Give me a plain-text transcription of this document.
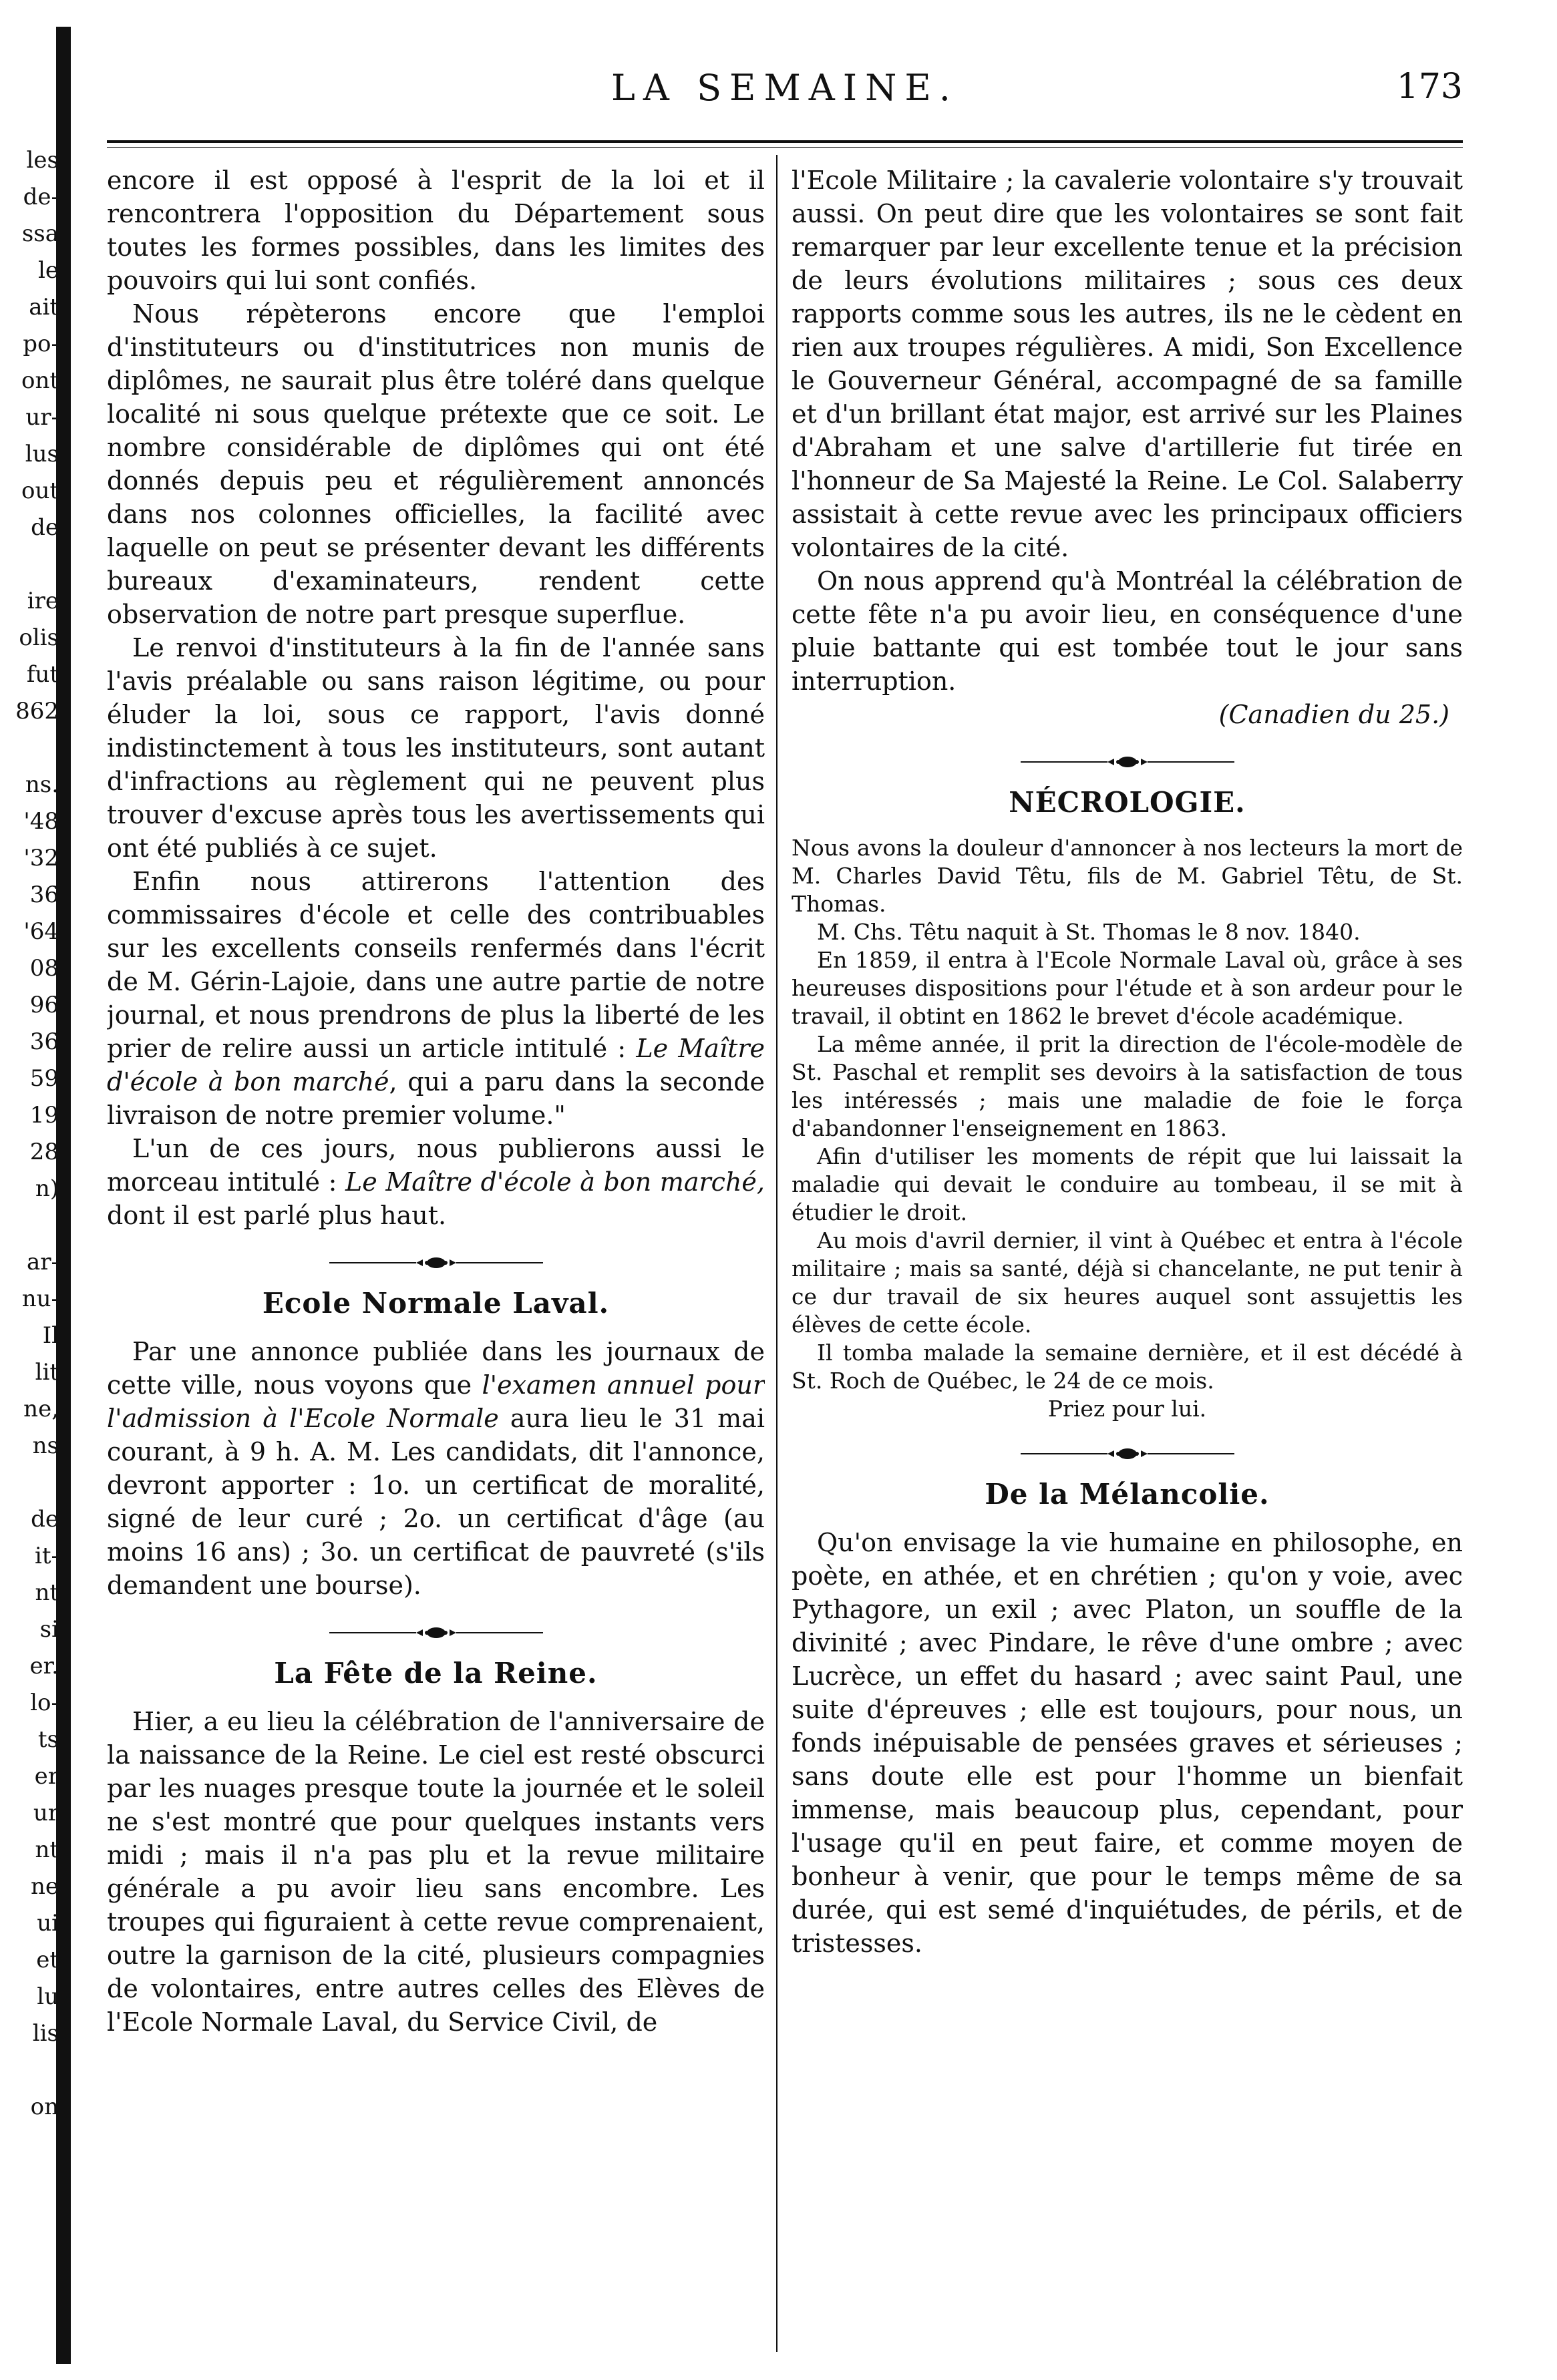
les
de-
ssa
le
ait
po-
ont
ur-
lus
out
de
ire
olis
fut
862
ns.
'48
'32
36
'64
08
96
36
59
19
28
n)
ar-
nu-
Il
lit
ne,
ns
de
it-
nt
si
er.
lo-
ts
er
ur
nt
ne
ui
et
lu
lis
on
LA SEMAINE.	173

encore il est opposé à l'esprit de la loi et il rencontrera l'opposition du Département sous toutes les formes possibles, dans les limites des pouvoirs qui lui sont confiés.

Nous répèterons encore que l'emploi d'instituteurs ou d'institutrices non munis de diplômes, ne saurait plus être toléré dans quelque localité ni sous quelque prétexte que ce soit. Le nombre considérable de diplômes qui ont été donnés depuis peu et régulièrement annoncés dans nos colonnes officielles, la facilité avec laquelle on peut se présenter devant les différents bureaux d'examinateurs, rendent cette observation de notre part presque superflue.

Le renvoi d'instituteurs à la fin de l'année sans l'avis préalable ou sans raison légitime, ou pour éluder la loi, sous ce rapport, l'avis donné indistinctement à tous les instituteurs, sont autant d'infractions au règlement qui ne peuvent plus trouver d'excuse après tous les avertissements qui ont été publiés à ce sujet.

Enfin nous attirerons l'attention des commissaires d'école et celle des contribuables sur les excellents conseils renfermés dans l'écrit de M. Gérin-Lajoie, dans une autre partie de notre journal, et nous prendrons de plus la liberté de les prier de relire aussi un article intitulé : Le Maître d'école à bon marché, qui a paru dans la seconde livraison de notre premier volume."

L'un de ces jours, nous publierons aussi le morceau intitulé : Le Maître d'école à bon marché, dont il est parlé plus haut.

Ecole Normale Laval.

Par une annonce publiée dans les journaux de cette ville, nous voyons que l'examen annuel pour l'admission à l'Ecole Normale aura lieu le 31 mai courant, à 9 h. A. M. Les candidats, dit l'annonce, devront apporter : 1o. un certificat de moralité, signé de leur curé ; 2o. un certificat d'âge (au moins 16 ans) ; 3o. un certificat de pauvreté (s'ils demandent une bourse).

La Fête de la Reine.

Hier, a eu lieu la célébration de l'anniversaire de la naissance de la Reine. Le ciel est resté obscurci par les nuages presque toute la journée et le soleil ne s'est montré que pour quelques instants vers midi ; mais il n'a pas plu et la revue militaire générale a pu avoir lieu sans encombre. Les troupes qui figuraient à cette revue comprenaient, outre la garnison de la cité, plusieurs compagnies de volontaires, entre autres celles des Elèves de l'Ecole Normale Laval, du Service Civil, de

l'Ecole Militaire ; la cavalerie volontaire s'y trouvait aussi. On peut dire que les volontaires se sont fait remarquer par leur excellente tenue et la précision de leurs évolutions militaires ; sous ces deux rapports comme sous les autres, ils ne le cèdent en rien aux troupes régulières. A midi, Son Excellence le Gouverneur Général, accompagné de sa famille et d'un brillant état major, est arrivé sur les Plaines d'Abraham et une salve d'artillerie fut tirée en l'honneur de Sa Majesté la Reine. Le Col. Salaberry assistait à cette revue avec les principaux officiers volontaires de la cité.

On nous apprend qu'à Montréal la célébration de cette fête n'a pu avoir lieu, en conséquence d'une pluie battante qui est tombée tout le jour sans interruption.

(Canadien du 25.)

NÉCROLOGIE.

Nous avons la douleur d'annoncer à nos lecteurs la mort de M. Charles David Têtu, fils de M. Gabriel Têtu, de St. Thomas.

M. Chs. Têtu naquit à St. Thomas le 8 nov. 1840.

En 1859, il entra à l'Ecole Normale Laval où, grâce à ses heureuses dispositions pour l'étude et à son ardeur pour le travail, il obtint en 1862 le brevet d'école académique.

La même année, il prit la direction de l'école-modèle de St. Paschal et remplit ses devoirs à la satisfaction de tous les intéressés ; mais une maladie de foie le força d'abandonner l'enseignement en 1863.

Afin d'utiliser les moments de répit que lui laissait la maladie qui devait le conduire au tombeau, il se mit à étudier le droit.

Au mois d'avril dernier, il vint à Québec et entra à l'école militaire ; mais sa santé, déjà si chancelante, ne put tenir à ce dur travail de six heures auquel sont assujettis les élèves de cette école.

Il tomba malade la semaine dernière, et il est décédé à St. Roch de Québec, le 24 de ce mois.

Priez pour lui.

De la Mélancolie.

Qu'on envisage la vie humaine en philosophe, en poète, en athée, et en chrétien ; qu'on y voie, avec Pythagore, un exil ; avec Platon, un souffle de la divinité ; avec Pindare, le rêve d'une ombre ; avec Lucrèce, un effet du hasard ; avec saint Paul, une suite d'épreuves ; elle est toujours, pour nous, un fonds inépuisable de pensées graves et sérieuses ; sans doute elle est pour l'homme un bienfait immense, mais beaucoup plus, cependant, pour l'usage qu'il en peut faire, et comme moyen de bonheur à venir, que pour le temps même de sa durée, qui est semé d'inquiétudes, de périls, et de tristesses.
